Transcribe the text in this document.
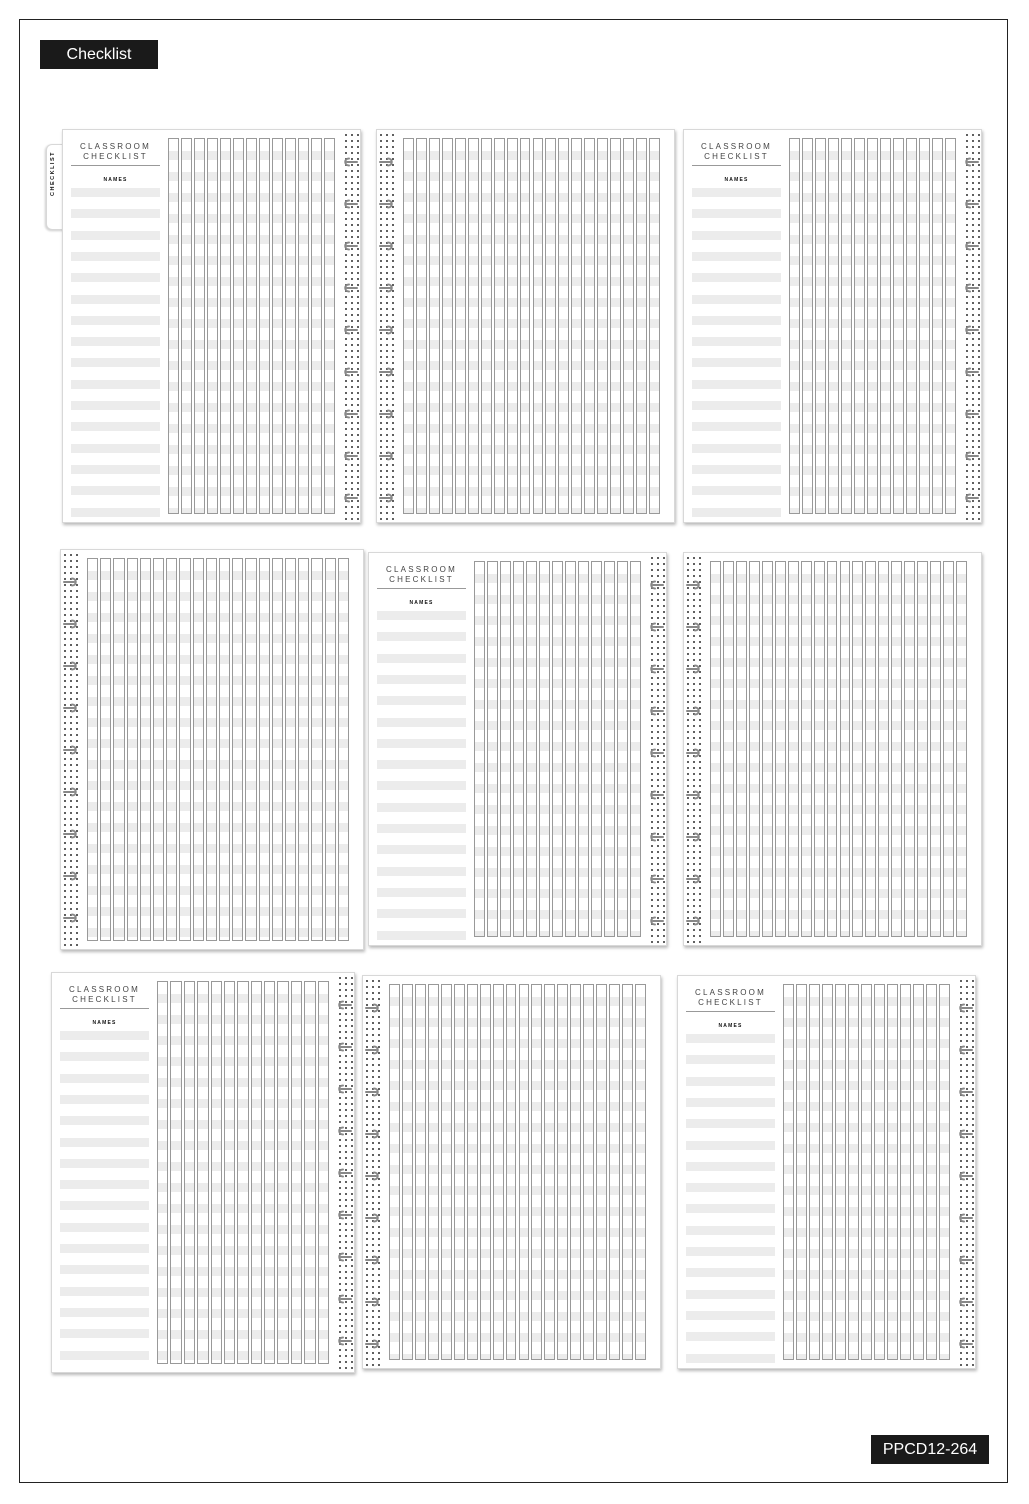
Checklist
CHECKLIST
CLASSROOM
CHECKLIST
NAMES
CLASSROOM
CHECKLIST
NAMES
CLASSROOM
CHECKLIST
NAMES
CLASSROOM
CHECKLIST
NAMES
CLASSROOM
CHECKLIST
NAMES
PPCD12-264
